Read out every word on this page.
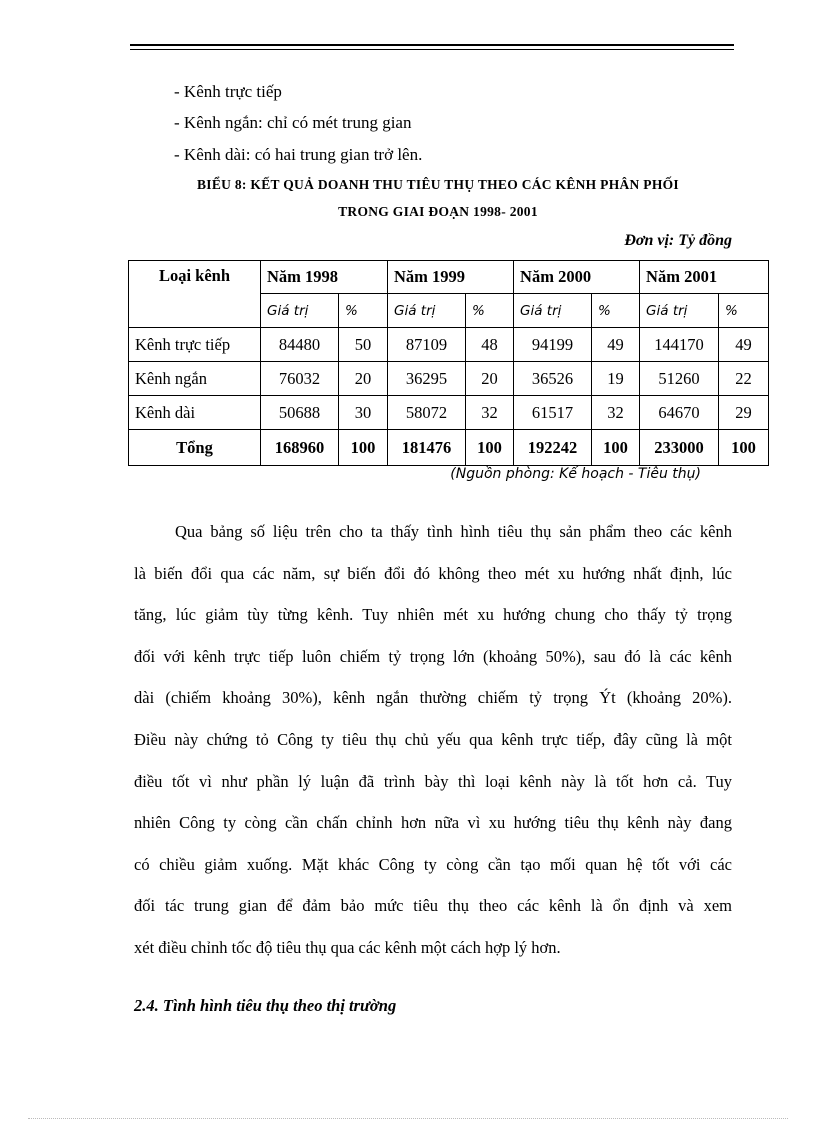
- Kênh trực tiếp
- Kênh ngắn: chỉ có mét trung gian
- Kênh dài: có hai trung gian trở lên.
BIỂU 8: KẾT QUẢ DOANH THU TIÊU THỤ THEO CÁC KÊNH PHÂN PHỐI
TRONG GIAI ĐOẠN 1998- 2001
Đơn vị: Tỷ đồng
Loại kênh	Năm 1998		Năm 1999		Năm 2000		Năm 2001	
	Giá trị	%	Giá trị	%	Giá trị	%	Giá trị	%
Kênh trực tiếp	84480	50	87109	48	94199	49	144170	49
Kênh ngắn	76032	20	36295	20	36526	19	51260	22
Kênh dài	50688	30	58072	32	61517	32	64670	29
Tổng	168960	100	181476	100	192242	100	233000	100
(Nguồn phòng: Kế hoạch - Tiêu thụ)
Qua bảng số liệu trên cho ta thấy tình hình tiêu thụ sản phẩm theo các kênh
là biến đổi qua các năm, sự biến đổi đó không theo mét xu hướng nhất định, lúc
tăng, lúc giảm tùy từng kênh. Tuy nhiên mét xu hướng chung cho thấy tỷ trọng
đối với kênh trực tiếp luôn chiếm tỷ trọng lớn (khoảng 50%), sau đó là các kênh
dài (chiếm khoảng 30%), kênh ngắn thường chiếm tỷ trọng Ýt (khoảng 20%).
Điều này chứng tỏ Công ty tiêu thụ chủ yếu qua kênh trực tiếp, đây cũng là một
điều tốt vì như phần lý luận đã trình bày thì loại kênh này là tốt hơn cả. Tuy
nhiên Công ty còng cần chấn chỉnh hơn nữa vì xu hướng tiêu thụ kênh này đang
có chiều giảm xuống. Mặt khác Công ty còng cần tạo mối quan hệ tốt với các
đối tác trung gian để đảm bảo mức tiêu thụ theo các kênh là ổn định và xem
xét điều chỉnh tốc độ tiêu thụ qua các kênh một cách hợp lý hơn.
2.4. Tình hình tiêu thụ theo thị trường
